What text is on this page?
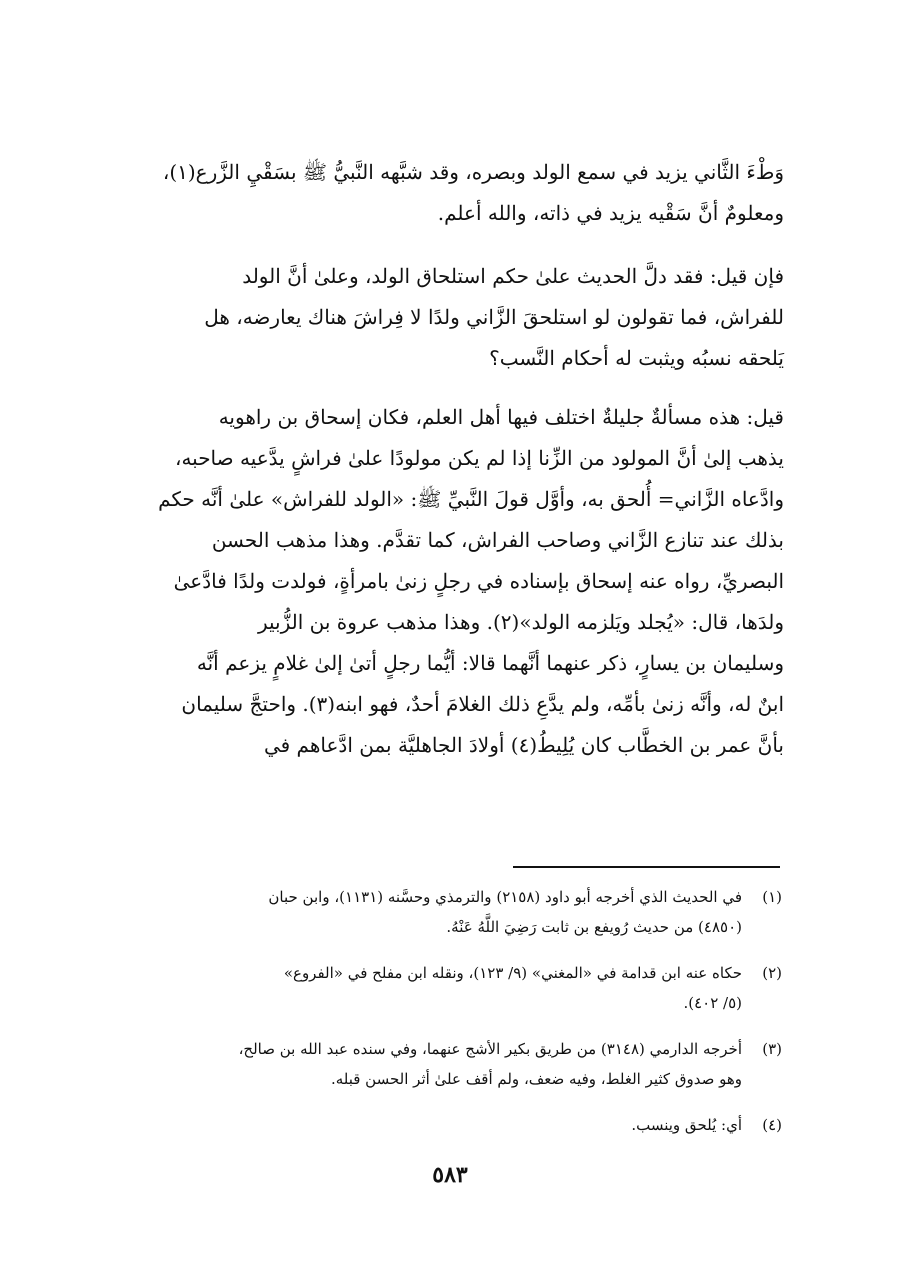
وَطْءَ الثَّاني يزيد في سمع الولد وبصره، وقد شبَّهه النَّبيُّ ﷺ بسَقْيِ الزَّرع(١)،
ومعلومٌ أنَّ سَقْيه يزيد في ذاته، والله أعلم.

فإن قيل: فقد دلَّ الحديث علىٰ حكم استلحاق الولد، وعلىٰ أنَّ الولد
للفراش، فما تقولون لو استلحقَ الزَّاني ولدًا لا فِراشَ هناك يعارضه، هل
يَلحقه نسبُه ويثبت له أحكام النَّسب؟

قيل: هذه مسألةٌ جليلةٌ اختلف فيها أهل العلم، فكان إسحاق بن راهويه
يذهب إلىٰ أنَّ المولود من الزِّنا إذا لم يكن مولودًا علىٰ فراشٍ يدَّعيه صاحبه،
وادَّعاه الزَّاني= أُلحق به، وأوَّل قولَ النَّبيِّ ﷺ: «الولد للفراش» علىٰ أنَّه حكم
بذلك عند تنازع الزَّاني وصاحب الفراش، كما تقدَّم. وهذا مذهب الحسن
البصريِّ، رواه عنه إسحاق بإسناده في رجلٍ زنىٰ بامرأةٍ، فولدت ولدًا فادَّعىٰ
ولدَها، قال: «يُجلد ويَلزمه الولد»(٢). وهذا مذهب عروة بن الزُّبير
وسليمان بن يسارٍ، ذكر عنهما أنَّهما قالا: أيُّما رجلٍ أتىٰ إلىٰ غلامٍ يزعم أنَّه
ابنٌ له، وأنَّه زنىٰ بأمِّه، ولم يدَّعِ ذلك الغلامَ أحدٌ، فهو ابنه(٣). واحتجَّ سليمان
بأنَّ عمر بن الخطَّاب كان يُلِيطُ(٤) أولادَ الجاهليَّة بمن ادَّعاهم في

(١)
في الحديث الذي أخرجه أبو داود (٢١٥٨) والترمذي وحسَّنه (١١٣١)، وابن حبان
(٤٨٥٠) من حديث رُويفع بن ثابت رَضِيَ اللَّهُ عَنْهُ.
(٢)
حكاه عنه ابن قدامة في «المغني» (٩/ ١٢٣)، ونقله ابن مفلح في «الفروع»
(٥/ ٤٠٢).
(٣)
أخرجه الدارمي (٣١٤٨) من طريق بكير الأشج عنهما، وفي سنده عبد الله بن صالح،
وهو صدوق كثير الغلط، وفيه ضعف، ولم أقف علىٰ أثر الحسن قبله.
(٤)
أي: يُلحق وينسب.
٥٨٣
